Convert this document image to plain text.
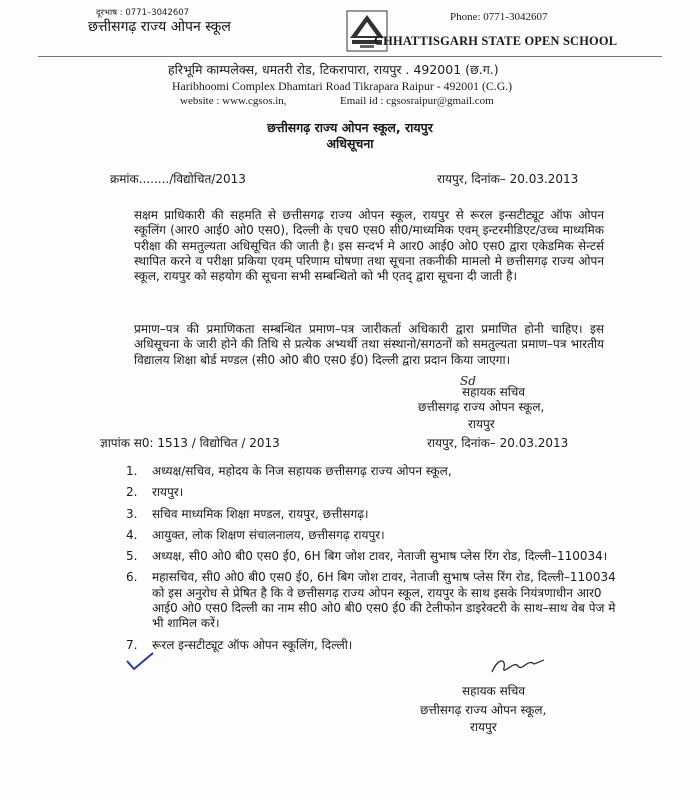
दूरभाष : 0771–3042607
छत्तीसगढ़ राज्य ओपन स्कूल
Phone: 0771-3042607
CHHATTISGARH STATE OPEN SCHOOL
हरिभूमि काम्पलेक्स, धमतरी रोड, टिकरापारा, रायपुर . 492001 (छ.ग.)
Haribhoomi Complex Dhamtari Road Tikrapara Raipur - 492001 (C.G.)
website : www.cgsos.in,	Email id : cgsosraipur@gmail.com
छत्तीसगढ़ राज्य ओपन स्कूल, रायपुर
अधिसूचना
क्रमांक......../विद्योचित/2013	रायपुर, दिनांक– 20.03.2013
सक्षम प्राधिकारी की सहमति से छत्तीसगढ़ राज्य ओपन स्कूल, रायपुर से रूरल इन्सटीट्यूट ऑफ ओपन स्कूलिंग (आर0 आई0 ओ0 एस0), दिल्ली के एच0 एस0 सी0/माध्यमिक एवम् इन्टरमीडिएट/उच्च माध्यमिक परीक्षा की समतुल्यता अधिसूचित की जाती है। इस सन्दर्भ मे आर0 आई0 ओ0 एस0 द्वारा एकेडमिक सेन्टर्स स्थापित करने व परीक्षा प्रकिया एवम् परिणाम घोषणा तथा सूचना तकनीकी मामलो मे छत्तीसगढ़ राज्य ओपन स्कूल, रायपुर को सहयोग की सूचना सभी सम्बन्धितो को भी एतद् द्वारा सूचना दी जाती है।
प्रमाण–पत्र की प्रमाणिकता सम्बन्धित प्रमाण–पत्र जारीकर्ता अधिकारी द्वारा प्रमाणित होनी चाहिए। इस अधिसूचना के जारी होने की तिथि से प्रत्येक अभ्यर्थी तथा संस्थानो/सगठनों को समतुल्यता प्रमाण–पत्र भारतीय विद्यालय शिक्षा बोर्ड मण्डल (सी0 ओ0 बी0 एस0 ई0) दिल्ली द्वारा प्रदान किया जाएगा।
Sd
सहायक सचिव
छत्तीसगढ़ राज्य ओपन स्कूल,
रायपुर
ज्ञापांक स0: 1513 / विद्योचित / 2013	रायपुर, दिनांक– 20.03.2013
1. अध्यक्ष/सचिव, महोदय के निज सहायक छत्तीसगढ़ राज्य ओपन स्कूल,
2. रायपुर।
3. सचिव माध्यमिक शिक्षा मण्डल, रायपुर, छत्तीसगढ़।
4. आयुक्त, लोक शिक्षण संचालनालय, छत्तीसगढ़ रायपुर।
5. अध्यक्ष, सी0 ओ0 बी0 एस0 ई0, 6H बिग जोश टावर, नेताजी सुभाष प्लेस रिंग रोड, दिल्ली–110034।
6. महासचिव, सी0 ओ0 बी0 एस0 ई0, 6H बिग जोश टावर, नेताजी सुभाष प्लेस रिंग रोड, दिल्ली–110034 को इस अनुरोध से प्रेषित है कि वे छत्तीसगढ़ राज्य ओपन स्कूल, रायपुर के साथ इसके नियंत्रणाधीन आर0 आई0 ओ0 एस0 दिल्ली का नाम सी0 ओ0 बी0 एस0 ई0 की टेलीफोन डाइरेक्टरी के साथ–साथ वेब पेज मे भी शामिल करें।
7. रूरल इन्सटीट्यूट ऑफ ओपन स्कूलिंग, दिल्ली।
सहायक सचिव
छत्तीसगढ़ राज्य ओपन स्कूल,
रायपुर
